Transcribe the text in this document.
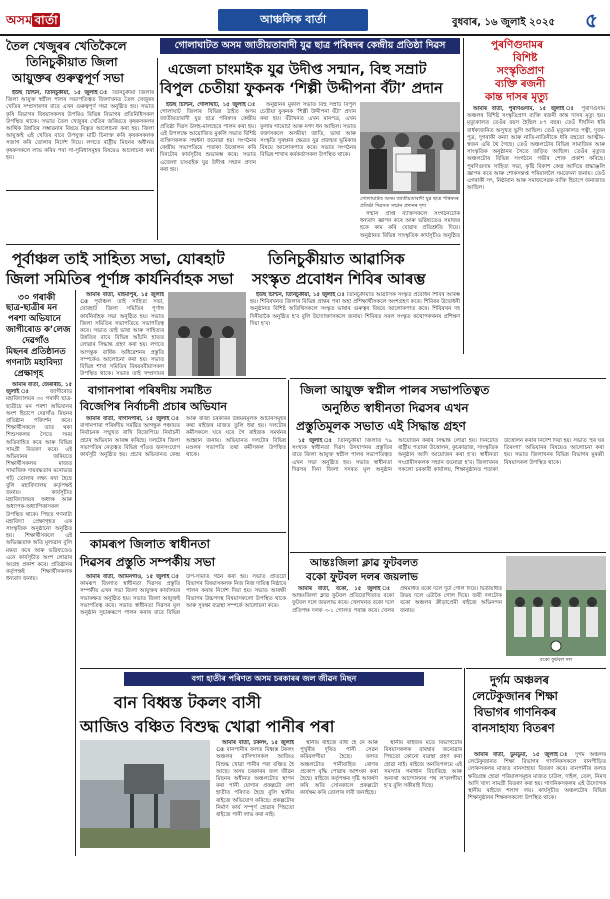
অসম বাৰ্তা	আঞ্চলিক বাৰ্তা	বুধবাৰ, ১৬ জুলাই ২০২৫ ৫
গোলাঘাটত অসম জাতীয়তাবাদী যুৱ ছাত্ৰ পৰিষদৰ কেন্দ্ৰীয় প্ৰতিষ্ঠা দিৱস
তৈল খেজুৰৰ খেতিকৈলে
তিনিচুকীয়াত জিলা
আয়ুক্তৰ গুৰুত্বপূৰ্ণ সভা

ইউছ চিন্টিন, তিনিচুকীয়া, ১৫ জুলাই ঃ তিনিচুকীয়া জিলাৰ জিলা আয়ুক্ত স্বপ্নীল পালৰ সভাপতিত্বত জিলাখনত তৈল খেজুৰৰ খেতিৰ সম্প্ৰসাৰণৰ বাবে এখন গুৰুত্বপূৰ্ণ সভা অনুষ্ঠিত হয়। সভাত কৃষি বিভাগৰ বিষয়াসকলৰ উপৰিও বিভিন্ন বিভাগৰ প্ৰতিনিধিসকল উপস্থিত থাকে। সভাত তৈল খেজুৰৰ খেতিৰ জৰিয়তে কৃষকসকলৰ আৰ্থিক উন্নতিৰ সম্ভাৱনাৰ বিষয়ে বিস্তৃত আলোচনা কৰা হয়। জিলা আয়ুক্তই এই খেতিৰ বাবে উপযুক্ত মাটি চিনাক্ত কৰি কৃষকসকলক সজাগ কৰি তোলাৰ নিৰ্দেশ দিয়ে। লগতে ৰাষ্ট্ৰীয় মিছনৰ অধীনত কৃষকসকলে লাভ কৰিব পৰা সা-সুবিধাসমূহৰ বিষয়েও আলোচনা কৰা হয়।

এজেলা চাংমাইক যুৱ উদীপ্ত সন্মান, বিহু সম্ৰাট
বিপুল চেতীয়া ফুকনক ‘শিল্পী উদ্দীপনা বঁটা’ প্ৰদান

ইউছ চিন্টিন, গোলাঘাট, ১৫ জুলাই ঃ গোলাঘাট জিলাৰ বিভিন্ন ঠাইত অসম জাতীয়তাবাদী যুৱ ছাত্ৰ পৰিষদৰ কেন্দ্ৰীয় প্ৰতিষ্ঠা দিৱস উলহ-মালহেৰে পালন কৰা হয়। এই উপলক্ষে আয়োজিত মুকলি সভাত বিশিষ্ট ব্যক্তিসকলক সম্বৰ্ধনা জনোৱা হয়। সংগঠনৰ কেন্দ্ৰীয় সভাপতিয়ে পতাকা উত্তোলন কৰি দিনটোৰ কাৰ্যসূচীৰ শুভাৰম্ভ কৰে। সভাত এজেলা চাংমাইক যুৱ উদীপ্ত সন্মান প্ৰদান কৰা হয়।

অনুষ্ঠানৰ মুকলি সভাত বিহু সম্ৰাট বিপুল চেতীয়া ফুকনক ‘শিল্পী উদ্দীপনা বঁটা’ প্ৰদান কৰা হয়। বঁটাখনত এখন মানপত্ৰ, এখন ফুলাম গামোচা আৰু নগদ ধন আছিল। সভাত বক্তাসকলে অসমীয়া জাতি, ভাষা আৰু সংস্কৃতি সুৰক্ষাৰ ক্ষেত্ৰত যুৱ প্ৰজন্মৰ ভূমিকাৰ বিষয়ে আলোকপাত কৰে। সভাত সংগঠনৰ বিভিন্ন শাখাৰ কৰ্মকৰ্তাসকল উপস্থিত থাকে।

গোলাঘাটত অসম জাতীয়তাবাদী যুৱ ছাত্ৰ পৰিষদৰ প্ৰতিষ্ঠা দিৱসত সন্মান প্ৰদানৰ দৃশ্য

সন্মান প্ৰাপ্ত ব্যক্তিসকলে সংগঠনটোক ধন্যবাদ জ্ঞাপন কৰে আৰু ভৱিষ্যতেও সমাজৰ হকে কাম কৰি যোৱাৰ প্ৰতিশ্ৰুতি দিয়ে। অনুষ্ঠানত বিভিন্ন সাংস্কৃতিক কাৰ্যসূচীও অনুষ্ঠিত

পুৰণিগুদামৰ
বিশিষ্ট
সংস্কৃতিপ্ৰাণ
ব্যক্তি ৰজনী
কান্ত দাসৰ মৃত্যু

আমাৰ বাৰ্তা, পুৰণিগুদাম, ১৫ জুলাই ঃ পুৰণিগুদাম অঞ্চলৰ বিশিষ্ট সংস্কৃতিপ্ৰাণ ব্যক্তি ৰজনী কান্ত দাসৰ মৃত্যু হয়। মৃত্যুকালত তেওঁৰ বয়স হৈছিল ৮৭ বছৰ। তেওঁ দীৰ্ঘদিন ধৰি বাৰ্ধক্যজনিত অসুখত ভুগি আছিল। তেওঁ মৃত্যুকালত পত্নী, দুজন পুত্ৰ, দুগৰাকী কন্যা আৰু নাতি-নাতিনীকে ধৰি বহুতো আত্মীয়-স্বজন এৰি থৈ গৈছে। তেওঁ অঞ্চলটোৰ বিভিন্ন সামাজিক আৰু সাংস্কৃতিক অনুষ্ঠানৰ সৈতে জড়িত আছিল। তেওঁৰ মৃত্যুত অঞ্চলটোৰ বিভিন্ন সংগঠনে গভীৰ শোক প্ৰকাশ কৰিছে। পুৰণিগুদাম সাহিত্য সভা, কৃষ্টি বিকাশ কেন্দ্ৰ আদিয়ে শ্ৰদ্ধাঞ্জলি জ্ঞাপন কৰে আৰু শোকসন্তপ্ত পৰিয়াললৈ সমবেদনা জনায়। তেওঁ এগৰাকী সৎ, নিষ্ঠাবান আৰু সমাজসেৱক ব্যক্তি হিচাপে জনাজাত আছিল।

পূৰ্বাঞ্চল তাই সাহিত্য সভা, যোৰহাট
জিলা সমিতিৰ পূৰ্ণাঙ্গ কাৰ্যনিৰ্বাহক সভা
তিনিচুকীয়াত আৱাসিক
সংস্কৃত প্ৰবোধন শিবিৰ আৰম্ভ
৩০ গৰাকী
ছাত্ৰ-ছাত্ৰীৰ মন
পৰশা অভিযানে
জাগীৰোড ক’লেজ
দেৱগাঁও
মিছনৰ প্ৰতিষ্ঠানত
গণনাট্য মহাবিদ্যা
প্ৰেক্ষাগৃহ

আমাৰ বাৰ্তা, জেৰাৰীচ, ১৫ জুলাই ঃ জাগীৰোড মহাবিদ্যালয়ৰ ৩০ গৰাকী ছাত্ৰ-ছাত্ৰীয়ে মন পৰশা অভিযানৰ অংশ হিচাপে দেৱগাঁও মিছনৰ প্ৰতিষ্ঠান পৰিদৰ্শন কৰে। শিক্ষাৰ্থীসকলে তাত থকা শিশুসকলৰ সৈতে সময় অতিবাহিত কৰে আৰু বিভিন্ন সামগ্ৰী বিতৰণ কৰে। এই অভিযানৰ জৰিয়তে শিক্ষাৰ্থীসকলৰ মাজত সামাজিক দায়বদ্ধতাৰ মনোভাৱ গঢ়ি তোলাৰ লক্ষ্য ৰখা হৈছে বুলি মহাবিদ্যালয় কৰ্তৃপক্ষই জনায়। কাৰ্যসূচীত মহাবিদ্যালয়ৰ অধ্যক্ষ আৰু অধ্যাপক-অধ্যাপিকাসকল উপস্থিত থাকে। পিছত গণনাট্য মহাবিদ্যা প্ৰেক্ষাগৃহত এক সাংস্কৃতিক অনুষ্ঠানো অনুষ্ঠিত হয়। শিক্ষাৰ্থীসকলে এই অভিজ্ঞতাক অতি মূল্যৱান বুলি মন্তব্য কৰে আৰু ভৱিষ্যতেও এনে কাৰ্যসূচীত অংশ লোৱাৰ আগ্ৰহ প্ৰকাশ কৰে। প্ৰতিষ্ঠানৰ কৰ্তৃপক্ষই শিক্ষাৰ্থীসকলক ধন্যবাদ জনায়।

আমাৰ বাৰ্তা, মহিমাপুৰ, ১৫ জুলাই ঃ পূৰ্বাঞ্চল তাই সাহিত্য সভা, যোৰহাট জিলা সমিতিৰ পূৰ্ণাঙ্গ কাৰ্যনিৰ্বাহক সভা অনুষ্ঠিত হয়। সভাত জিলা সমিতিৰ সভাপতিয়ে সভাপতিত্ব কৰে। সভাত তাই ভাষা আৰু সাহিত্যৰ উন্নতিৰ বাবে বিভিন্ন আঁচনি হাতত লোৱাৰ সিদ্ধান্ত গ্ৰহণ কৰা হয়। লগতে আগন্তুক বাৰ্ষিক অধিৱেশনৰ প্ৰস্তুতি সম্পৰ্কেও আলোচনা কৰা হয়। সভাত বিভিন্ন শাখা সমিতিৰ বিষয়ববীয়াসকল উপস্থিত থাকে। সভাত তাই সম্প্ৰদায়ৰ

ইউছ চিন্টিন, তিনিচুকীয়া, ১৫ জুলাই ঃ তিনিচুকীয়াত আৱাসিক সংস্কৃত প্ৰবোধন শিবিৰ আৰম্ভ হয়। শিবিৰখনত জিলাৰ বিভিন্ন প্ৰান্তৰ পৰা অহা প্ৰশিক্ষাৰ্থীসকলে অংশগ্ৰহণ কৰে। শিবিৰৰ উদ্বোধনী অনুষ্ঠানত বিশিষ্ট অতিথিসকলে সংস্কৃত ভাষাৰ গুৰুত্বৰ বিষয়ে আলোকপাত কৰে। শিবিৰখন দহ দিনীয়াকৈ অনুষ্ঠিত হ’ব বুলি উদ্যোক্তাসকলে জনায়। শিবিৰত সৰল সংস্কৃত কথোপকথনৰ প্ৰশিক্ষণ দিয়া হ’ব।

জিলা আয়ুক্ত স্বপ্নীল পালৰ সভাপতিত্বত
অনুষ্ঠিত স্বাধীনতা দিৱসৰ এখন
প্ৰস্তুতিমূলক সভাত এই সিদ্ধান্ত গ্ৰহণ

১৫ জুলাই ঃ তিনিচুকীয়া জিলাত ৭৯ সংখ্যক স্বাধীনতা দিৱস উদযাপনৰ প্ৰস্তুতিৰ বাবে জিলা আয়ুক্ত স্বপ্নীল পালৰ সভাপতিত্বত এখন সভা অনুষ্ঠিত হয়। সভাত স্বাধীনতা দিৱসৰ দিনা জিলা সদৰত মূল অনুষ্ঠান আয়োজন কৰাৰ সিদ্ধান্ত লোৱা হয়। দিনটোত ৰাষ্ট্ৰীয় পতাকা উত্তোলন, কুচকাৱাজ, সাংস্কৃতিক অনুষ্ঠান আদি আয়োজন কৰা হ’ব। স্বাধীনতা সংগ্ৰামীসকলক সন্মান জনোৱা হ’ব। জিলাখনৰ সকলো চৰকাৰী কাৰ্যালয়, শিক্ষানুষ্ঠানত পতাকা উত্তোলন কৰাৰ নিৰ্দেশ দিয়া হয়। সভাত ‘হৰ ঘৰ তিৰংগা’ অভিযানৰ বিষয়েও আলোচনা কৰা হয়। সভাত জিলাখনৰ বিভিন্ন বিভাগৰ মুৰব্বী বিষয়াসকল উপস্থিত থাকে।

বাগানপাৰা পৰিষদীয় সমষ্টিত
বিজেপিৰ নিৰ্বাচনী প্ৰচাৰ অভিযান

আমাৰ বাৰ্তা, বাগানপাৰা, ১৫ জুলাই ঃ বাগানপাৰা পৰিষদীয় সমষ্টিত আগন্তুক পঞ্চায়ত নিৰ্বাচনক সন্মুখত ৰাখি বিজেপিয়ে নিৰ্বাচনী প্ৰচাৰ অভিযান আৰম্ভ কৰিছে। দলটোৰ জিলা সভাপতিৰ নেতৃত্বত বিভিন্ন গাঁওত জনসংযোগ কাৰ্যসূচী অনুষ্ঠিত হয়। প্ৰচাৰ অভিযানত কেন্দ্ৰ আৰু ৰাজ্য চৰকাৰৰ উন্নয়নমূলক আঁচনিসমূহৰ কথা ৰাইজৰ মাজত তুলি ধৰা হয়। দলটোৰ কৰ্মীসকলে ঘৰে ঘৰে গৈ ৰাইজক সমৰ্থনৰ আহ্বান জনায়। অভিযানত দলটোৰ বিভিন্ন মণ্ডলৰ সভাপতি তথা কৰ্মীসকল উপস্থিত থাকে।

কামৰূপ জিলাত স্বাধীনতা
দিৱসৰ প্ৰস্তুতি সম্পৰ্কীয় সভা

আমাৰ বাৰ্তা, আমিনগাঁও, ১৫ জুলাই ঃ কামৰূপ জিলাত স্বাধীনতা দিৱসৰ প্ৰস্তুতি সম্পৰ্কীয় এখন সভা জিলা আয়ুক্তৰ কাৰ্যালয়ৰ সভাকক্ষত অনুষ্ঠিত হয়। সভাত জিলা আয়ুক্তই সভাপতিত্ব কৰে। সভাত স্বাধীনতা দিৱসৰ মূল অনুষ্ঠান সুচাৰুৰূপে পালন কৰাৰ বাবে বিভিন্ন উপ-সমিতি গঠন কৰা হয়। সভাত প্ৰতিটো বিভাগৰ বিষয়াসকলক নিজ নিজ দায়িত্ব নিষ্ঠাৰে পালন কৰাৰ নিৰ্দেশ দিয়া হয়। সভাত আৰক্ষী বিভাগৰ উচ্চপদস্থ বিষয়াসকলো উপস্থিত থাকে আৰু সুৰক্ষা ব্যৱস্থা সম্পৰ্কে আলোচনা কৰে।

আন্তঃজিলা ক্লাৱ ফুটবলত
বকো ফুটবল দলৰ জয়লাভ

আমাৰ বাৰ্তা, বকো, ১৫ জুলাই ঃ আন্তঃজিলা ক্লাৱ ফুটবল প্ৰতিযোগিতাত বকো ফুটবল দলে জয়লাভ কৰে। খেলখনত বকো দলে প্ৰতিপক্ষ দলক ৩-১ গোলত পৰাস্ত কৰে। খেলৰ প্ৰথমাৰ্ধত বকো দলে দুটা গোল দিয়ে। দ্বিতীয়াৰ্ধত উভয় দলে এটাকৈ গোল দিয়ে। জয়ী দলটোক বকো অঞ্চলৰ ক্ৰীড়াপ্ৰেমী ৰাইজে অভিনন্দন জনায়।

বকো ফুটবল দল
দুৰ্গম অঞ্চলৰ
লেটেকুজানৰ শিক্ষা
বিভাগৰ গাণনিকৰ
বানসাহায্য বিতৰণ
বগা হাতীৰ পৰিণত অসম চৰকাৰৰ জল জীৱন মিছন
বান বিধ্বস্ত টকলং বাসী
আজিও বঞ্চিত বিশুদ্ধ খোৱা পানীৰ পৰা

আমাৰ বাৰ্তা, টকলং, ১৫ জুলাই ঃ বানপানীৰ ফলত বিধ্বস্ত টকলং অঞ্চলৰ বাসিন্দাসকল আজিও বিশুদ্ধ খোৱা পানীৰ পৰা বঞ্চিত হৈ আছে। অসম চৰকাৰৰ জল জীৱন মিছনৰ অধীনত অঞ্চলটোত স্থাপন কৰা পানী যোগান প্ৰকল্পটো বগা হাতীত পৰিণত হৈছে বুলি স্থানীয় ৰাইজে অভিযোগ কৰিছে। প্ৰকল্পটোৰ নিৰ্মাণ কাৰ্য সম্পূৰ্ণ হোৱাৰ পিছতো ৰাইজে পানী লাভ কৰা নাই।

স্থানীয় ৰাইজে বাধ্য হৈ নৈ আৰু পুখুৰীৰ দূষিত পানী সেৱন কৰিবলগীয়া হৈছে। ফলত অঞ্চলটোত পানীবাহিত ৰোগৰ প্ৰকোপ বৃদ্ধি পোৱাৰ আশংকা কৰা হৈছে। ৰাইজে কৰ্তৃপক্ষৰ দৃষ্টি আকৰ্ষণ কৰি অতি সোনকালে প্ৰকল্পটো কাৰ্যক্ষম কৰি তোলাৰ দাবী জনাইছে।

স্থানীয় ৰাইজৰ মতে বিভাগটোৰ বিষয়াসকলক বাৰম্বাৰ জনোৱাৰ পিছতো কোনো ব্যৱস্থা গ্ৰহণ কৰা হোৱা নাই। ৰাইজে অনতিপলমে এই সমস্যাৰ সমাধান বিচাৰিছে আৰু অন্যথা আন্দোলনৰ পথ ল’বলগীয়া হ’ব বুলি সকীয়াই দিছে।

আমাৰ বাৰ্তা, ডুমডুমা, ১৫ জুলাই ঃ দুৰ্গম অঞ্চলৰ লেটেকুজানত শিক্ষা বিভাগৰ গাণনিকসকলে বানপীড়িত লোকসকলৰ মাজত বানসাহায্য বিতৰণ কৰে। বানপানীৰ ফলত ক্ষতিগ্ৰস্ত হোৱা পৰিয়ালসমূহৰ মাজত চাউল, দাইল, তেল, নিমখ আদি খাদ্য সামগ্ৰী বিতৰণ কৰা হয়। গাণনিকসকলৰ এই উদ্যোগক স্থানীয় ৰাইজে শলাগ লয়। কাৰ্যসূচীত অঞ্চলটোৰ বিভিন্ন শিক্ষানুষ্ঠানৰ শিক্ষকসকলো উপস্থিত থাকে।
